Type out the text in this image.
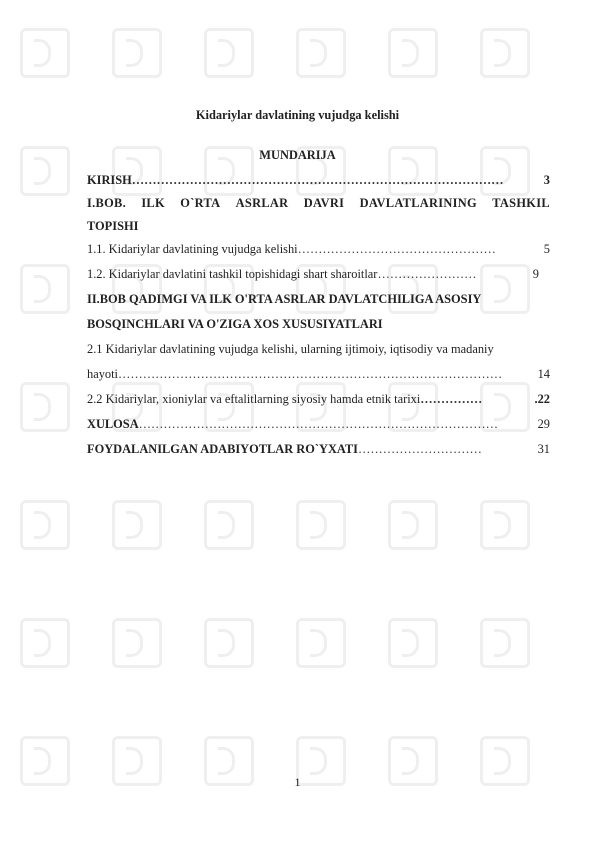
Kidariylar davlatining vujudga kelishi
MUNDARIJA
KIRISH ………………………………………………………………………………	3
I.BOB. ILK O`RTA ASRLAR DAVRI DAVLATLARINING TASHKIL
TOPISHI
1.1. Kidariylar davlatining vujudga kelishi …………………………………………	5
1.2. Kidariylar davlatini tashkil topishidagi shart sharoitlar ……………………	9
II.BOB QADIMGI VA ILK O'RTA ASRLAR DAVLATCHILIGA ASOSIY
BOSQINCHLARI VA O'ZIGA XOS XUSUSIYATLARI
2.1 Kidariylar davlatining vujudga kelishi, ularning ijtimoiy, iqtisodiy va madaniy
hayoti …………………………………………………………………………………	14
2.2 Kidariylar, xioniylar va eftalitlarning siyosiy hamda etnik tarixi ……………	.22
XULOSA ……………………………………………………………………………	29
FOYDALANILGAN ADABIYOTLAR RO`YXATI …………………………	31
1
